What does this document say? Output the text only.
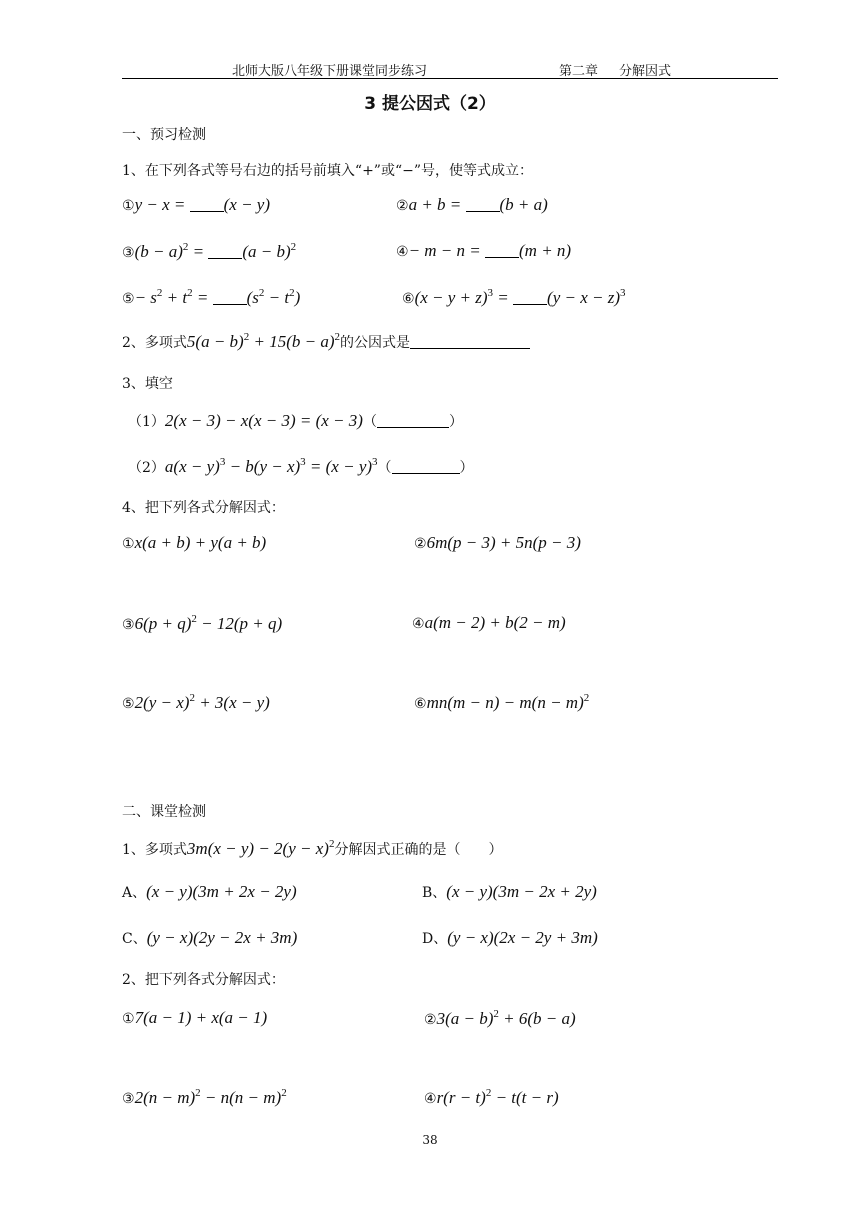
北师大版八年级下册课堂同步练习	第二章 分解因式
3 提公因式（2）
一、预习检测
1、在下列各式等号右边的括号前填入“+”或“−”号，使等式成立：
①y − x = (x − y)	②a + b = (b + a)
③(b − $a)^2 = (a - b)^2$	④− m − n = (m + n)
⑤− $s^2 + t^2 = (s^2 - t^2)$	⑥(x − $y + z)^3 = (y - x - z)^3$
2、多项式$5(a - b)^2 + 15(b - a)^2$的公因式是
3、填空
（1）2(x − 3) − x(x − 3) = (x − 3)（	）
$(2)a(x - y)^3 - b(y - x)^3 = (x - y)^3$（	）
4、把下列各式分解因式：
①x(a + b) + y(a + b)	②6m(p − 3) + 5n(p − 3)
③6(p + q)$^2$ − 12(p + q)	④a(m − 2) + b(2 − m)
⑤2(y − x)$^2$ + 3(x − y)	⑥mn(m − $n) - m(n - m)^2$
二、课堂检测
1、多项式$3m(x - y) - 2(y - x)^2$分解因式正确的是（　　）
A、(x − y)(3m + 2x − 2y)	B、(x − y)(3m − 2x + 2y)
C、(y − x)(2y − 2x + 3m)	D、(y − x)(2x − 2y + 3m)
2、把下列各式分解因式：
①7(a − 1) + x(a − 1)	②3(a − b)$^2$ + 6(b − a)
③2(n − $m)^2 - n(n - m)^2$	④r(r − t)$^2$ − t(t − r)
38
